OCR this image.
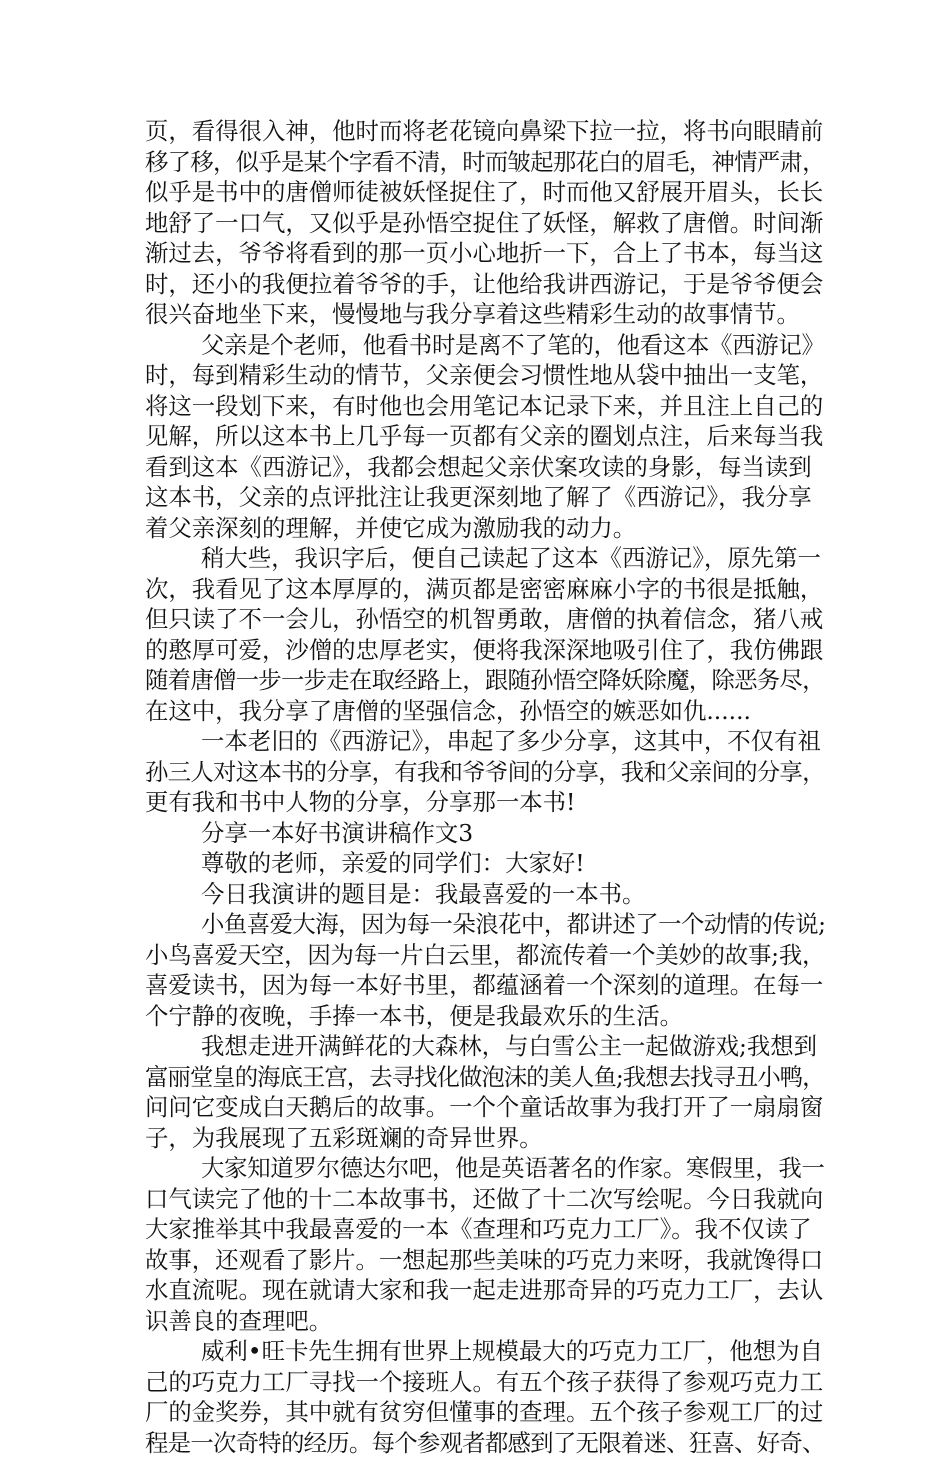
页，看得很入神，他时而将老花镜向鼻梁下拉一拉，将书向眼睛前
移了移，似乎是某个字看不清，时而皱起那花白的眉毛，神情严肃，
似乎是书中的唐僧师徒被妖怪捉住了，时而他又舒展开眉头，长长
地舒了一口气，又似乎是孙悟空捉住了妖怪，解救了唐僧。时间渐
渐过去，爷爷将看到的那一页小心地折一下，合上了书本，每当这
时，还小的我便拉着爷爷的手，让他给我讲西游记，于是爷爷便会
很兴奋地坐下来，慢慢地与我分享着这些精彩生动的故事情节。
父亲是个老师，他看书时是离不了笔的，他看这本《西游记》
时，每到精彩生动的情节，父亲便会习惯性地从袋中抽出一支笔，
将这一段划下来，有时他也会用笔记本记录下来，并且注上自己的
见解，所以这本书上几乎每一页都有父亲的圈划点注，后来每当我
看到这本《西游记》，我都会想起父亲伏案攻读的身影，每当读到
这本书，父亲的点评批注让我更深刻地了解了《西游记》，我分享
着父亲深刻的理解，并使它成为激励我的动力。
稍大些，我识字后，便自己读起了这本《西游记》，原先第一
次，我看见了这本厚厚的，满页都是密密麻麻小字的书很是抵触，
但只读了不一会儿，孙悟空的机智勇敢，唐僧的执着信念，猪八戒
的憨厚可爱，沙僧的忠厚老实，便将我深深地吸引住了，我仿佛跟
随着唐僧一步一步走在取经路上，跟随孙悟空降妖除魔，除恶务尽，
在这中，我分享了唐僧的坚强信念，孙悟空的嫉恶如仇......
一本老旧的《西游记》，串起了多少分享，这其中，不仅有祖
孙三人对这本书的分享，有我和爷爷间的分享，我和父亲间的分享，
更有我和书中人物的分享，分享那一本书!
分享一本好书演讲稿作文3
尊敬的老师，亲爱的同学们：大家好!
今日我演讲的题目是：我最喜爱的一本书。
小鱼喜爱大海，因为每一朵浪花中，都讲述了一个动情的传说;
小鸟喜爱天空，因为每一片白云里，都流传着一个美妙的故事;我，
喜爱读书，因为每一本好书里，都蕴涵着一个深刻的道理。在每一
个宁静的夜晚，手捧一本书，便是我最欢乐的生活。
我想走进开满鲜花的大森林，与白雪公主一起做游戏;我想到
富丽堂皇的海底王宫，去寻找化做泡沫的美人鱼;我想去找寻丑小鸭，
问问它变成白天鹅后的故事。一个个童话故事为我打开了一扇扇窗
子，为我展现了五彩斑斓的奇异世界。
大家知道罗尔德达尔吧，他是英语著名的作家。寒假里，我一
口气读完了他的十二本故事书，还做了十二次写绘呢。今日我就向
大家推举其中我最喜爱的一本《查理和巧克力工厂》。我不仅读了
故事，还观看了影片。一想起那些美味的巧克力来呀，我就馋得口
水直流呢。现在就请大家和我一起走进那奇异的巧克力工厂，去认
识善良的查理吧。
威利•旺卡先生拥有世界上规模最大的巧克力工厂，他想为自
己的巧克力工厂寻找一个接班人。有五个孩子获得了参观巧克力工
厂的金奖券，其中就有贫穷但懂事的查理。五个孩子参观工厂的过
程是一次奇特的经历。每个参观者都感到了无限着迷、狂喜、好奇、
